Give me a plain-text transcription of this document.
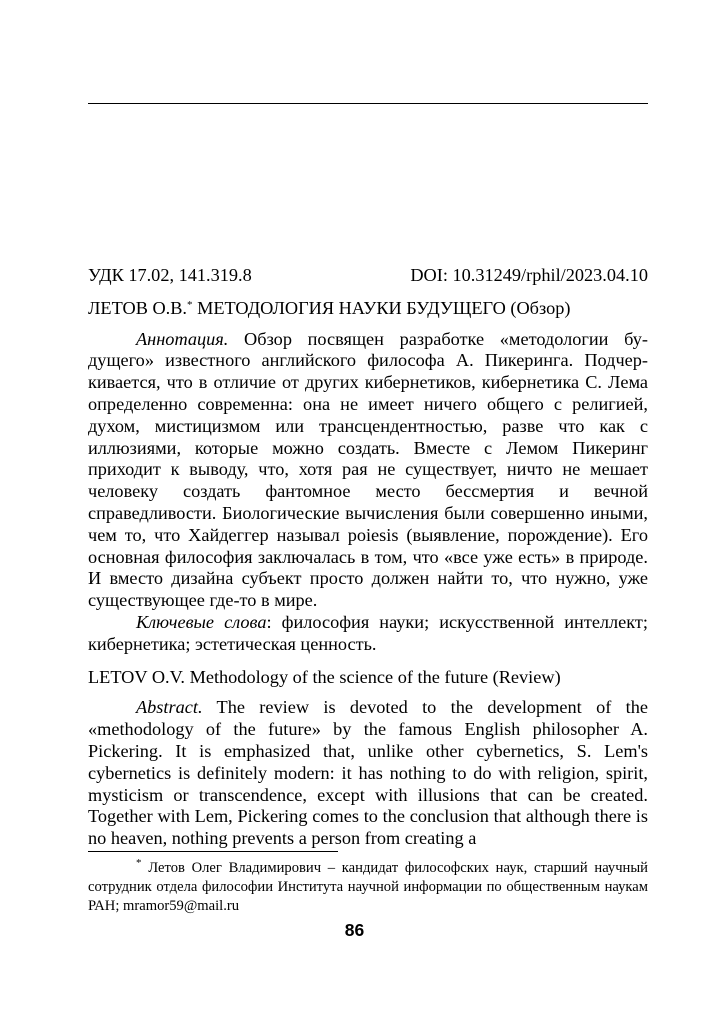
УДК 17.02, 141.319.8	DOI: 10.31249/rphil/2023.04.10

ЛЕТОВ О.В.* МЕТОДОЛОГИЯ НАУКИ БУДУЩЕГО (Обзор)

Аннотация. Обзор посвящен разработке «методологии будущего» известного английского философа А. Пикеринга. Подчеркивается, что в отличие от других кибернетиков, кибернетика С. Лема определенно современна: она не имеет ничего общего с религией, духом, мистицизмом или трансцендентностью, разве что как с иллюзиями, которые можно создать. Вместе с Лемом Пикеринг приходит к выводу, что, хотя рая не существует, ничто не мешает человеку создать фантомное место бессмертия и вечной справедливости. Биологические вычисления были совершенно иными, чем то, что Хайдеггер называл poiesis (выявление, порождение). Его основная философия заключалась в том, что «все уже есть» в природе. И вместо дизайна субъект просто должен найти то, что нужно, уже существующее где-то в мире.

Ключевые слова: философия науки; искусственной интеллект; кибернетика; эстетическая ценность.

LETOV O.V. Methodology of the science of the future (Review)

Abstract. The review is devoted to the development of the «methodology of the future» by the famous English philosopher A. Pickering. It is emphasized that, unlike other cybernetics, S. Lem's cybernetics is definitely modern: it has nothing to do with religion, spirit, mysticism or transcendence, except with illusions that can be created. Together with Lem, Pickering comes to the conclusion that although there is no heaven, nothing prevents a person from creating a

* Летов Олег Владимирович – кандидат философских наук, старший научный сотрудник отдела философии Института научной информации по общественным наукам РАН; mramor59@mail.ru
86
